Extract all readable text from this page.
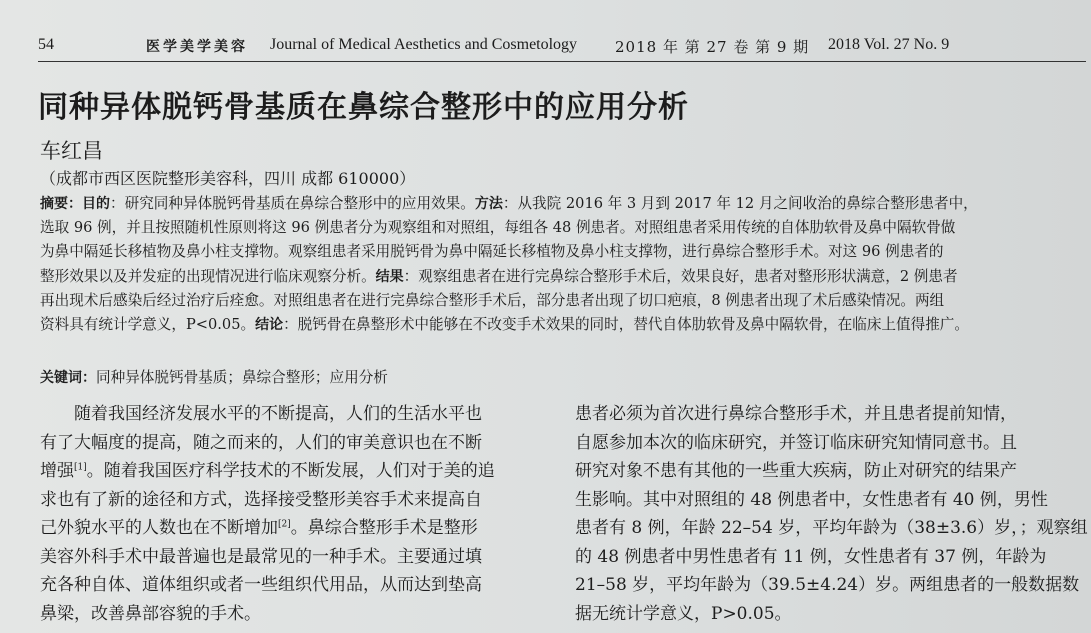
54	医学美学美容 Journal of Medical Aesthetics and Cosmetology	2018 年 第 27 卷 第 9 期 2018 Vol. 27 No. 9
同种异体脱钙骨基质在鼻综合整形中的应用分析
车红昌
（成都市西区医院整形美容科，四川 成都 610000）
摘要：目的：研究同种异体脱钙骨基质在鼻综合整形中的应用效果。方法：从我院 2016 年 3 月到 2017 年 12 月之间收治的鼻综合整形患者中，
选取 96 例，并且按照随机性原则将这 96 例患者分为观察组和对照组，每组各 48 例患者。对照组患者采用传统的自体肋软骨及鼻中隔软骨做
为鼻中隔延长移植物及鼻小柱支撑物。观察组患者采用脱钙骨为鼻中隔延长移植物及鼻小柱支撑物，进行鼻综合整形手术。对这 96 例患者的
整形效果以及并发症的出现情况进行临床观察分析。结果：观察组患者在进行完鼻综合整形手术后，效果良好，患者对整形形状满意，2 例患者
再出现术后感染后经过治疗后痊愈。对照组患者在进行完鼻综合整形手术后，部分患者出现了切口疤痕，8 例患者出现了术后感染情况。两组
资料具有统计学意义，P<0.05。结论：脱钙骨在鼻整形术中能够在不改变手术效果的同时，替代自体肋软骨及鼻中隔软骨，在临床上值得推广。
关键词：同种异体脱钙骨基质；鼻综合整形；应用分析
随着我国经济发展水平的不断提高，人们的生活水平也
有了大幅度的提高，随之而来的，人们的审美意识也在不断
增强[1]。随着我国医疗科学技术的不断发展，人们对于美的追
求也有了新的途径和方式，选择接受整形美容手术来提高自
己外貌水平的人数也在不断增加[2]。鼻综合整形手术是整形
美容外科手术中最普遍也是最常见的一种手术。主要通过填
充各种自体、道体组织或者一些组织代用品，从而达到垫高
鼻梁，改善鼻部容貌的手术。
患者必须为首次进行鼻综合整形手术，并且患者提前知情，
自愿参加本次的临床研究，并签订临床研究知情同意书。且
研究对象不患有其他的一些重大疾病，防止对研究的结果产
生影响。其中对照组的 48 例患者中，女性患者有 40 例，男性
患者有 8 例，年龄 22–54 岁，平均年龄为（38±3.6）岁，；观察组
的 48 例患者中男性患者有 11 例，女性患者有 37 例，年龄为
21–58 岁，平均年龄为（39.5±4.24）岁。两组患者的一般数据数
据无统计学意义，P>0.05。
